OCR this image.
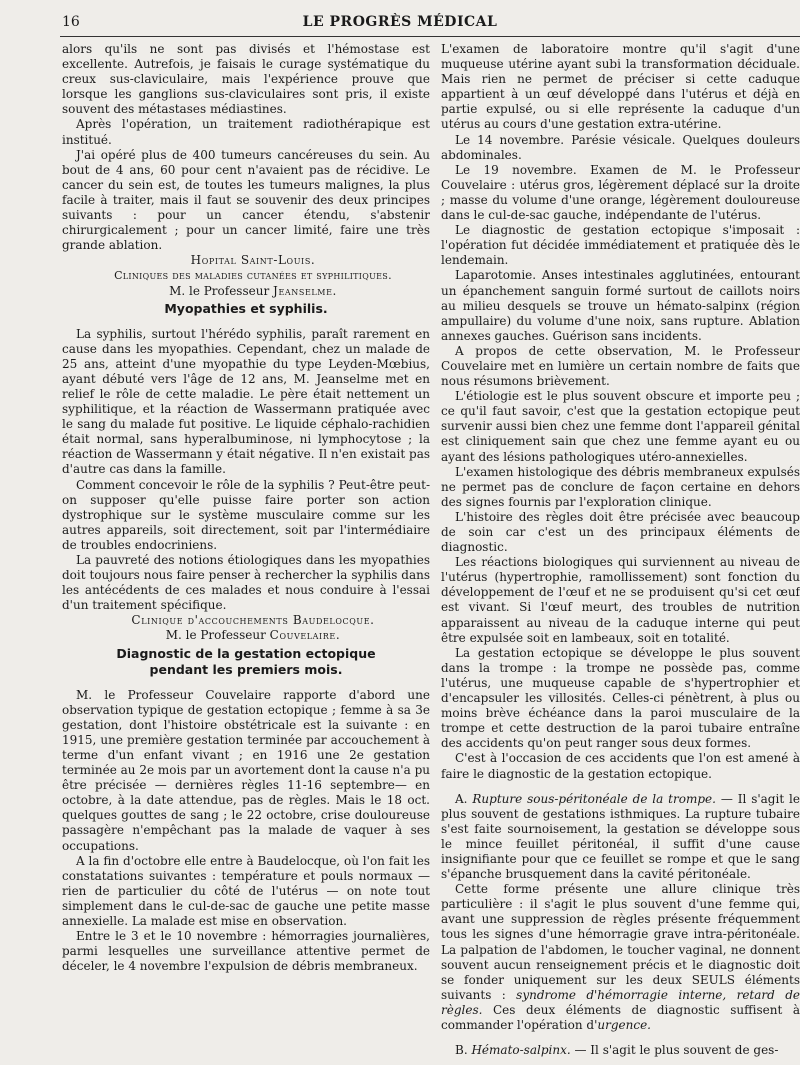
16	LE PROGRÈS MÉDICAL

alors qu'ils ne sont pas divisés et l'hémostase est excellente. Autrefois, je faisais le curage systématique du creux sus-claviculaire, mais l'expérience prouve que lorsque les ganglions sus-claviculaires sont pris, il existe souvent des métastases médiastines.

Après l'opération, un traitement radiothérapique est institué.

J'ai opéré plus de 400 tumeurs cancéreuses du sein. Au bout de 4 ans, 60 pour cent n'avaient pas de récidive. Le cancer du sein est, de toutes les tumeurs malignes, la plus facile à traiter, mais il faut se souvenir des deux principes suivants : pour un cancer étendu, s'abstenir chirurgicalement ; pour un cancer limité, faire une très grande ablation.

Hopital Saint-Louis.

Cliniques des maladies cutanées et syphilitiques.

M. le Professeur Jeanselme.

Myopathies et syphilis.

La syphilis, surtout l'hérédo syphilis, paraît rarement en cause dans les myopathies. Cependant, chez un malade de 25 ans, atteint d'une myopathie du type Leyden-Mœbius, ayant débuté vers l'âge de 12 ans, M. Jeanselme met en relief le rôle de cette maladie. Le père était nettement un syphilitique, et la réaction de Wassermann pratiquée avec le sang du malade fut positive. Le liquide céphalo-rachidien était normal, sans hyperalbuminose, ni lymphocytose ; la réaction de Wassermann y était négative. Il n'en existait pas d'autre cas dans la famille.

Comment concevoir le rôle de la syphilis ? Peut-être peut-on supposer qu'elle puisse faire porter son action dystrophique sur le système musculaire comme sur les autres appareils, soit directement, soit par l'intermédiaire de troubles endocriniens.

La pauvreté des notions étiologiques dans les myopathies doit toujours nous faire penser à rechercher la syphilis dans les antécédents de ces malades et nous conduire à l'essai d'un traitement spécifique.

Clinique d'accouchements Baudelocque.

M. le Professeur Couvelaire.

Diagnostic de la gestation ectopique
pendant les premiers mois.

M. le Professeur Couvelaire rapporte d'abord une observation typique de gestation ectopique ; femme à sa 3e gestation, dont l'histoire obstétricale est la suivante : en 1915, une première gestation terminée par accouchement à terme d'un enfant vivant ; en 1916 une 2e gestation terminée au 2e mois par un avortement dont la cause n'a pu être précisée — dernières règles 11-16 septembre— en octobre, à la date attendue, pas de règles. Mais le 18 oct. quelques gouttes de sang ; le 22 octobre, crise douloureuse passagère n'empêchant pas la malade de vaquer à ses occupations.

A la fin d'octobre elle entre à Baudelocque, où l'on fait les constatations suivantes : température et pouls normaux — rien de particulier du côté de l'utérus — on note tout simplement dans le cul-de-sac de gauche une petite masse annexielle. La malade est mise en observation.

Entre le 3 et le 10 novembre : hémorragies journalières, parmi lesquelles une surveillance attentive permet de déceler, le 4 novembre l'expulsion de débris membraneux.

L'examen de laboratoire montre qu'il s'agit d'une muqueuse utérine ayant subi la transformation déciduale. Mais rien ne permet de préciser si cette caduque appartient à un œuf développé dans l'utérus et déjà en partie expulsé, ou si elle représente la caduque d'un utérus au cours d'une gestation extra-utérine.

Le 14 novembre. Parésie vésicale. Quelques douleurs abdominales.

Le 19 novembre. Examen de M. le Professeur Couvelaire : utérus gros, légèrement déplacé sur la droite ; masse du volume d'une orange, légèrement douloureuse dans le cul-de-sac gauche, indépendante de l'utérus.

Le diagnostic de gestation ectopique s'imposait : l'opération fut décidée immédiatement et pratiquée dès le lendemain.

Laparotomie. Anses intestinales agglutinées, entourant un épanchement sanguin formé surtout de caillots noirs au milieu desquels se trouve un hémato-salpinx (région ampullaire) du volume d'une noix, sans rupture. Ablation annexes gauches. Guérison sans incidents.

A propos de cette observation, M. le Professeur Couvelaire met en lumière un certain nombre de faits que nous résumons brièvement.

L'étiologie est le plus souvent obscure et importe peu ; ce qu'il faut savoir, c'est que la gestation ectopique peut survenir aussi bien chez une femme dont l'appareil génital est cliniquement sain que chez une femme ayant eu ou ayant des lésions pathologiques utéro-annexielles.

L'examen histologique des débris membraneux expulsés ne permet pas de conclure de façon certaine en dehors des signes fournis par l'exploration clinique.

L'histoire des règles doit être précisée avec beaucoup de soin car c'est un des principaux éléments de diagnostic.

Les réactions biologiques qui surviennent au niveau de l'utérus (hypertrophie, ramollissement) sont fonction du développement de l'œuf et ne se produisent qu'si cet œuf est vivant. Si l'œuf meurt, des troubles de nutrition apparaissent au niveau de la caduque interne qui peut être expulsée soit en lambeaux, soit en totalité.

La gestation ectopique se développe le plus souvent dans la trompe : la trompe ne possède pas, comme l'utérus, une muqueuse capable de s'hypertrophier et d'encapsuler les villosités. Celles-ci pénètrent, à plus ou moins brève échéance dans la paroi musculaire de la trompe et cette destruction de la paroi tubaire entraîne des accidents qu'on peut ranger sous deux formes.

C'est à l'occasion de ces accidents que l'on est amené à faire le diagnostic de la gestation ectopique.

A. Rupture sous-péritonéale de la trompe. — Il s'agit le plus souvent de gestations isthmiques. La rupture tubaire s'est faite sournoisement, la gestation se développe sous le mince feuillet péritonéal, il suffit d'une cause insignifiante pour que ce feuillet se rompe et que le sang s'épanche brusquement dans la cavité péritonéale.

Cette forme présente une allure clinique très particulière : il s'agit le plus souvent d'une femme qui, avant une suppression de règles présente fréquemment tous les signes d'une hémorragie grave intra-péritonéale. La palpation de l'abdomen, le toucher vaginal, ne donnent souvent aucun renseignement précis et le diagnostic doit se fonder uniquement sur les deux SEULS éléments suivants : syndrome d'hémorragie interne, retard de règles. Ces deux éléments de diagnostic suffisent à commander l'opération d'urgence.

B. Hémato-salpinx. — Il s'agit le plus souvent de ges-
